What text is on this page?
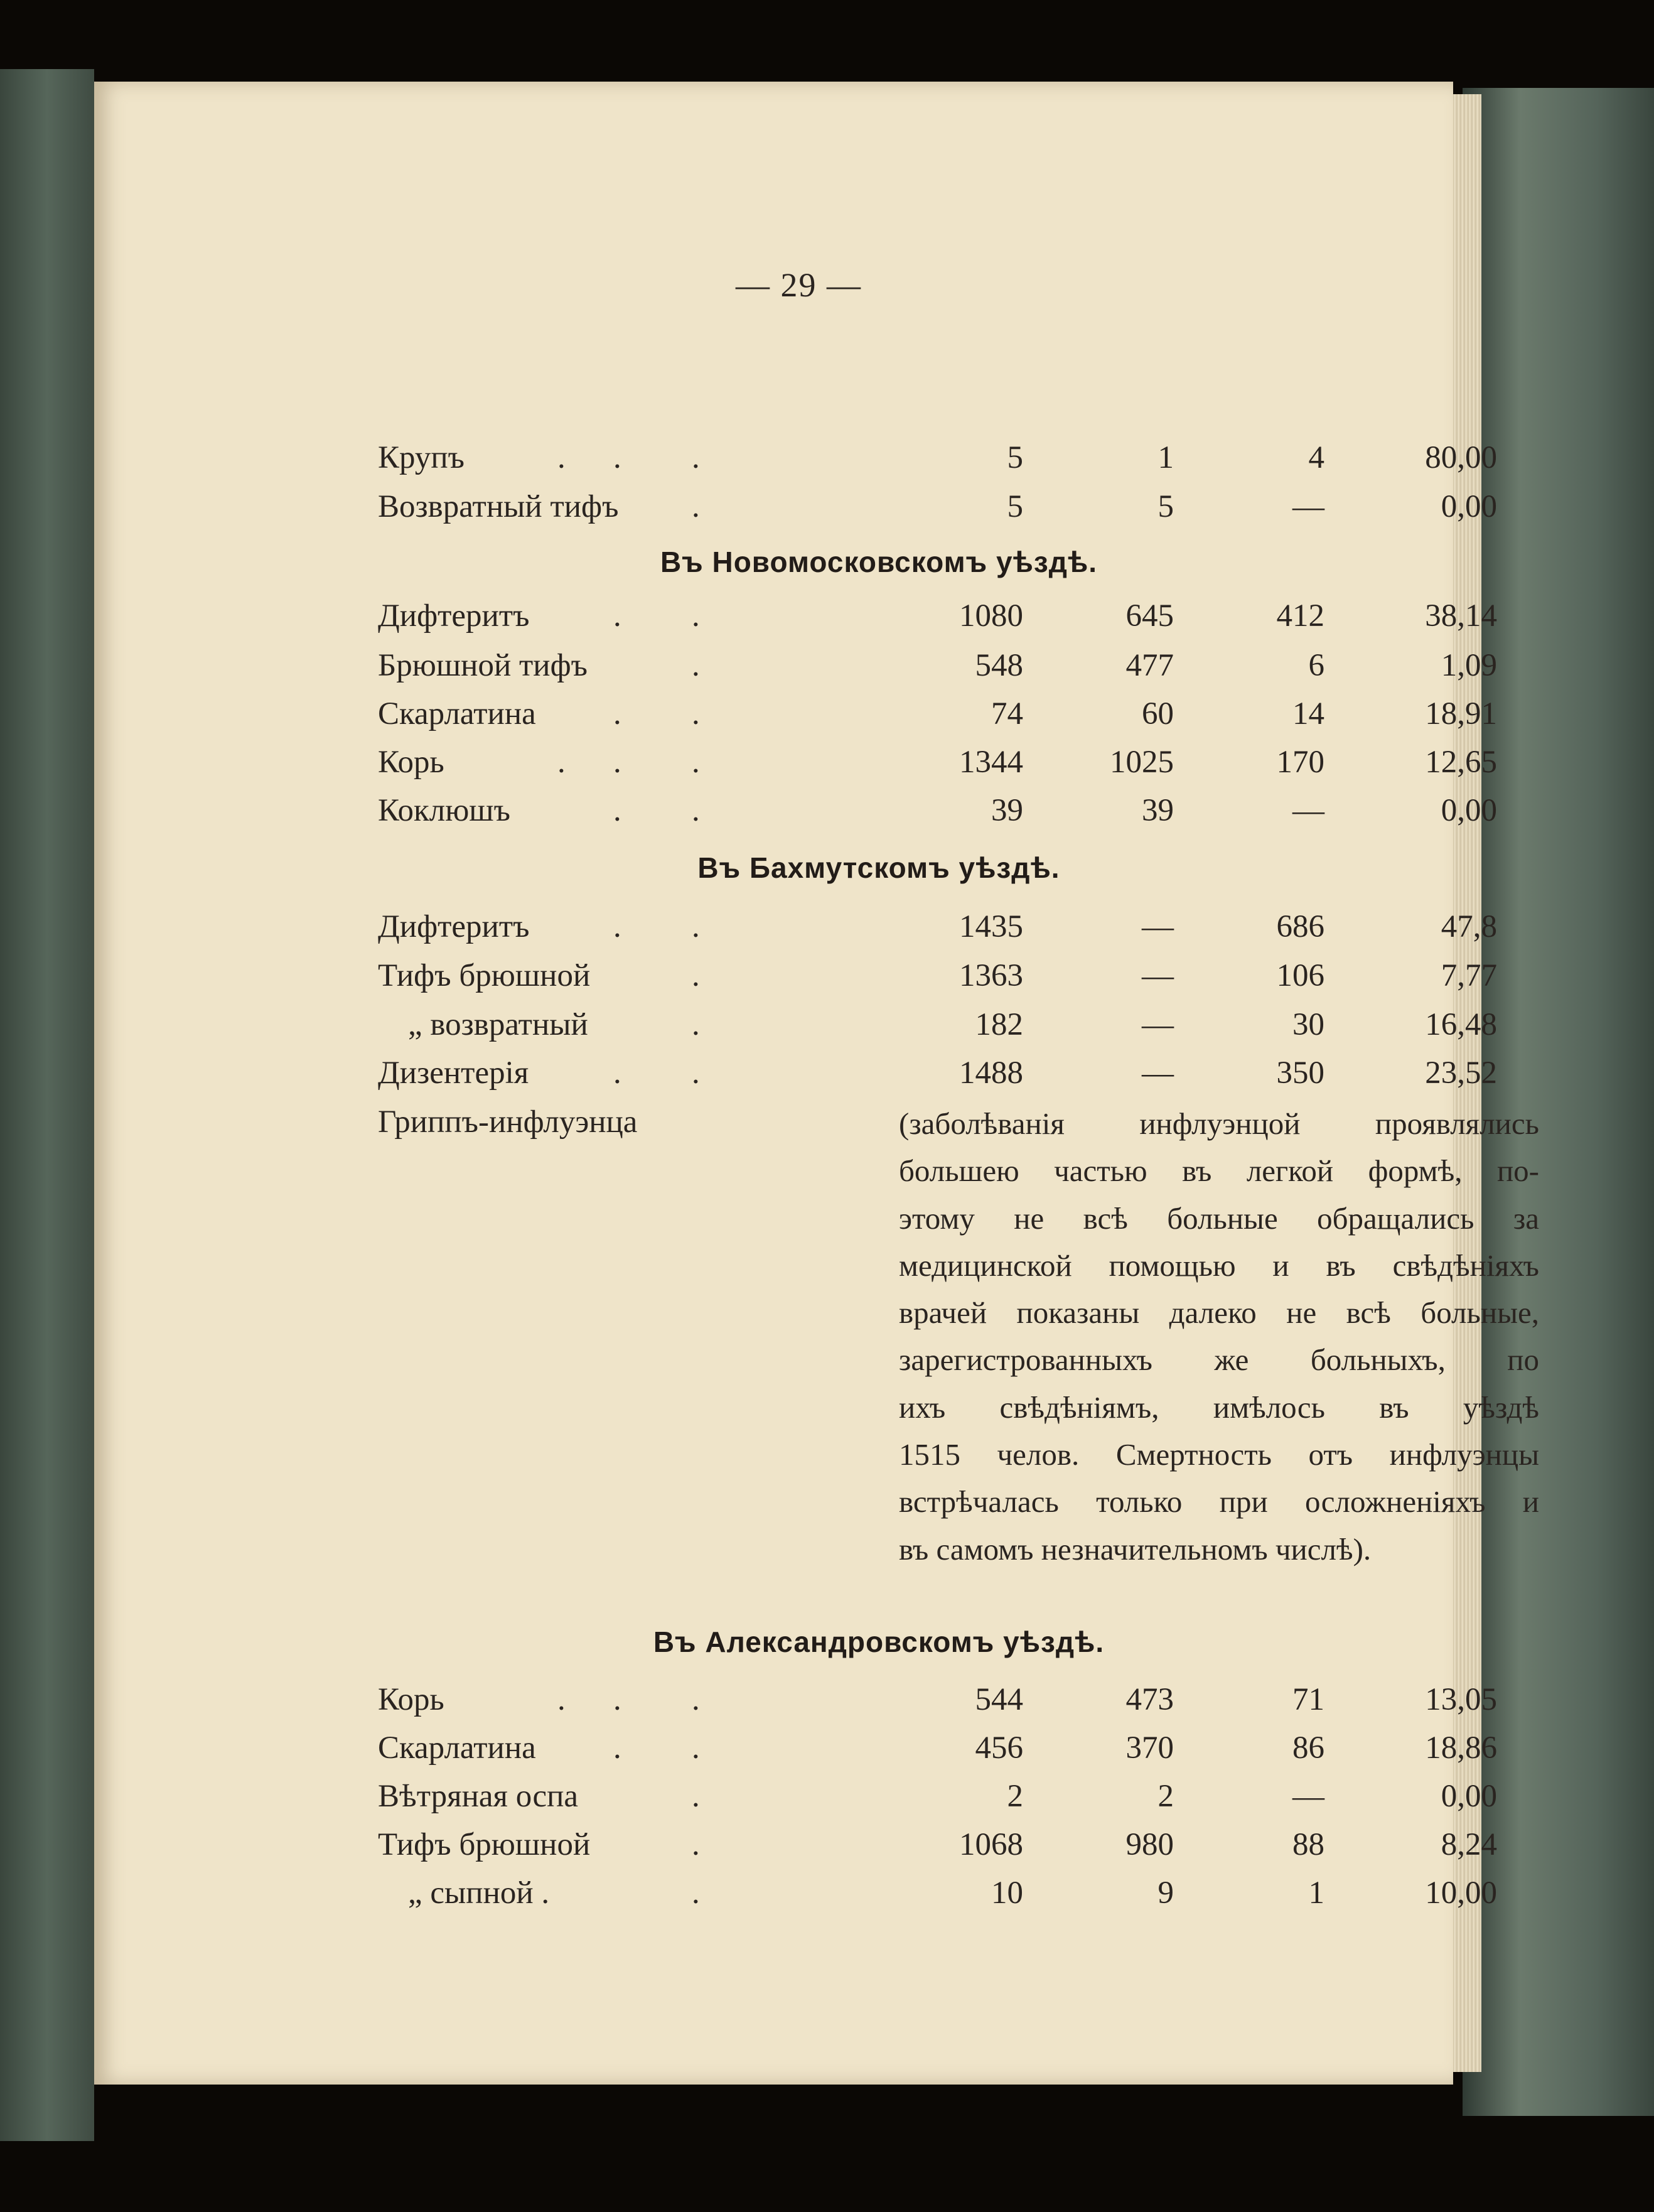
— 29 —
Крупъ	. . .	5	1	4	80,00
Возвратный тифъ .	5	5	—	0,00
Въ Новомосковскомъ уѣздѣ.
Дифтеритъ	. .	1080	645	412	38,14
Брюшной тифъ	.	548	477	6	1,09
Скарлатина . .	74	60	14	18,91
Корь	. . .	1344	1025	170	12,65
Коклюшъ	. .	39	39	—	0,00
Въ Бахмутскомъ уѣздѣ.
Дифтеритъ	. .	1435	—	686	47,8
Тифъ брюшной	.	1363	—	106	7,77
„ возвратный	.	182	—	30	16,48
Дизентерія	. .	1488	—	350	23,52
Гриппъ-инфлуэнца	(заболѣванія инфлуэнцой проявлялись
большею частью въ легкой формѣ, по-
этому не всѣ больные обращались за
медицинской помощью и въ свѣдѣніяхъ
врачей показаны далеко не всѣ больные,
зарегистрованныхъ же больныхъ, по
ихъ свѣдѣніямъ, имѣлось въ уѣздѣ
1515 челов. Смертность отъ инфлуэнцы
встрѣчалась только при осложненіяхъ и
въ самомъ незначительномъ числѣ).
Въ Александровскомъ уѣздѣ.
Корь	. . .	544	473	71	13,05
Скарлатина . .	456	370	86	18,86
Вѣтряная оспа	.	2	2	—	0,00
Тифъ брюшной	.	1068	980	88	8,24
„ сыпной .	.	10	9	1	10,00
